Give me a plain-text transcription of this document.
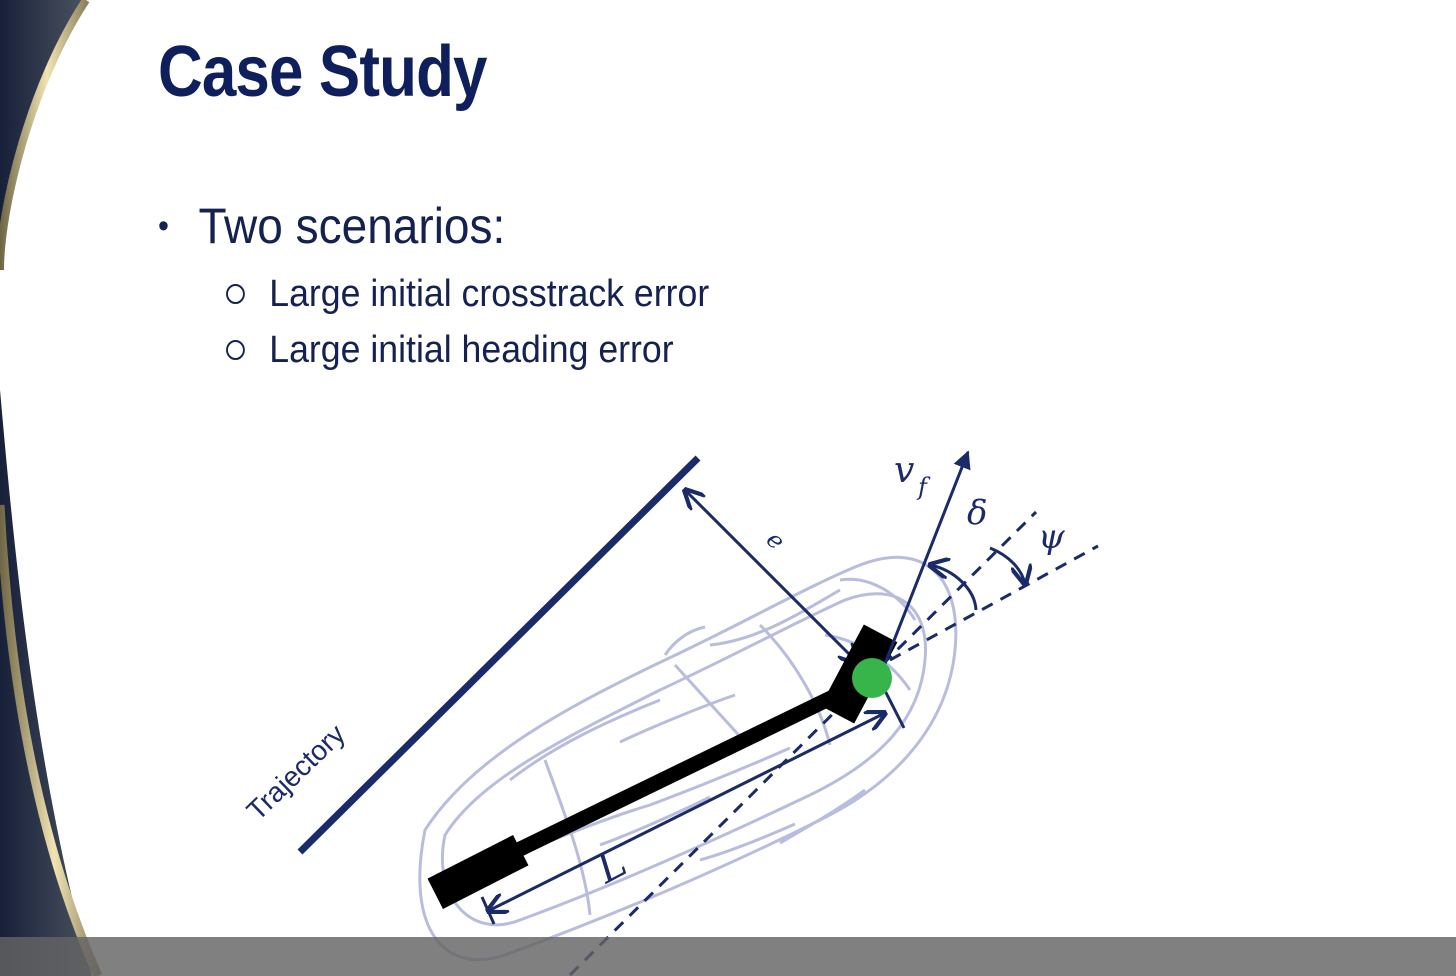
Trajectory
e
L
v f
δ
ψ
Case Study
• Two scenarios:
Large initial crosstrack error
Large initial heading error
